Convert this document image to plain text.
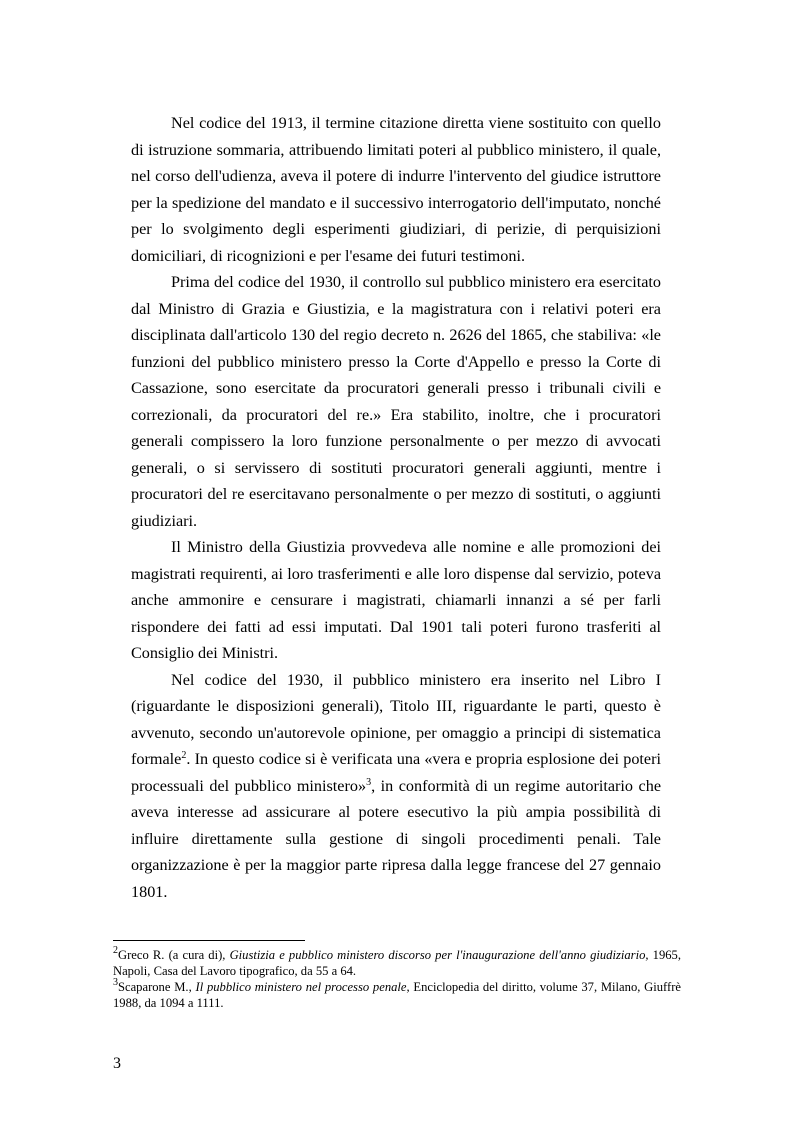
Nel codice del 1913, il termine citazione diretta viene sostituito con quello di istruzione sommaria, attribuendo limitati poteri al pubblico ministero, il quale, nel corso dell'udienza, aveva il potere di indurre l'intervento del giudice istruttore per la spedizione del mandato e il successivo interrogatorio dell'imputato, nonché per lo svolgimento degli esperimenti giudiziari, di perizie, di perquisizioni domiciliari, di ricognizioni e per l'esame dei futuri testimoni.

Prima del codice del 1930, il controllo sul pubblico ministero era esercitato dal Ministro di Grazia e Giustizia, e la magistratura con i relativi poteri era disciplinata dall'articolo 130 del regio decreto n. 2626 del 1865, che stabiliva: «le funzioni del pubblico ministero presso la Corte d'Appello e presso la Corte di Cassazione, sono esercitate da procuratori generali presso i tribunali civili e correzionali, da procuratori del re.» Era stabilito, inoltre, che i procuratori generali compissero la loro funzione personalmente o per mezzo di avvocati generali, o si servissero di sostituti procuratori generali aggiunti, mentre i procuratori del re esercitavano personalmente o per mezzo di sostituti, o aggiunti giudiziari.

Il Ministro della Giustizia provvedeva alle nomine e alle promozioni dei magistrati requirenti, ai loro trasferimenti e alle loro dispense dal servizio, poteva anche ammonire e censurare i magistrati, chiamarli innanzi a sé per farli rispondere dei fatti ad essi imputati. Dal 1901 tali poteri furono trasferiti al Consiglio dei Ministri.

Nel codice del 1930, il pubblico ministero era inserito nel Libro I (riguardante le disposizioni generali), Titolo III, riguardante le parti, questo è avvenuto, secondo un'autorevole opinione, per omaggio a principi di sistematica formale$^2$. In questo codice si è verificata una «vera e propria esplosione dei poteri processuali del pubblico ministero»$^3$, in conformità di un regime autoritario che aveva interesse ad assicurare al potere esecutivo la più ampia possibilità di influire direttamente sulla gestione di singoli procedimenti penali. Tale organizzazione è per la maggior parte ripresa dalla legge francese del 27 gennaio 1801.

$^2$Greco R. (a cura di), Giustizia e pubblico ministero discorso per l'inaugurazione dell'anno giudiziario, 1965, Napoli, Casa del Lavoro tipografico, da 55 a 64.

$^3$Scaparone M., Il pubblico ministero nel processo penale, Enciclopedia del diritto, volume 37, Milano, Giuffrè 1988, da 1094 a 1111.

3
